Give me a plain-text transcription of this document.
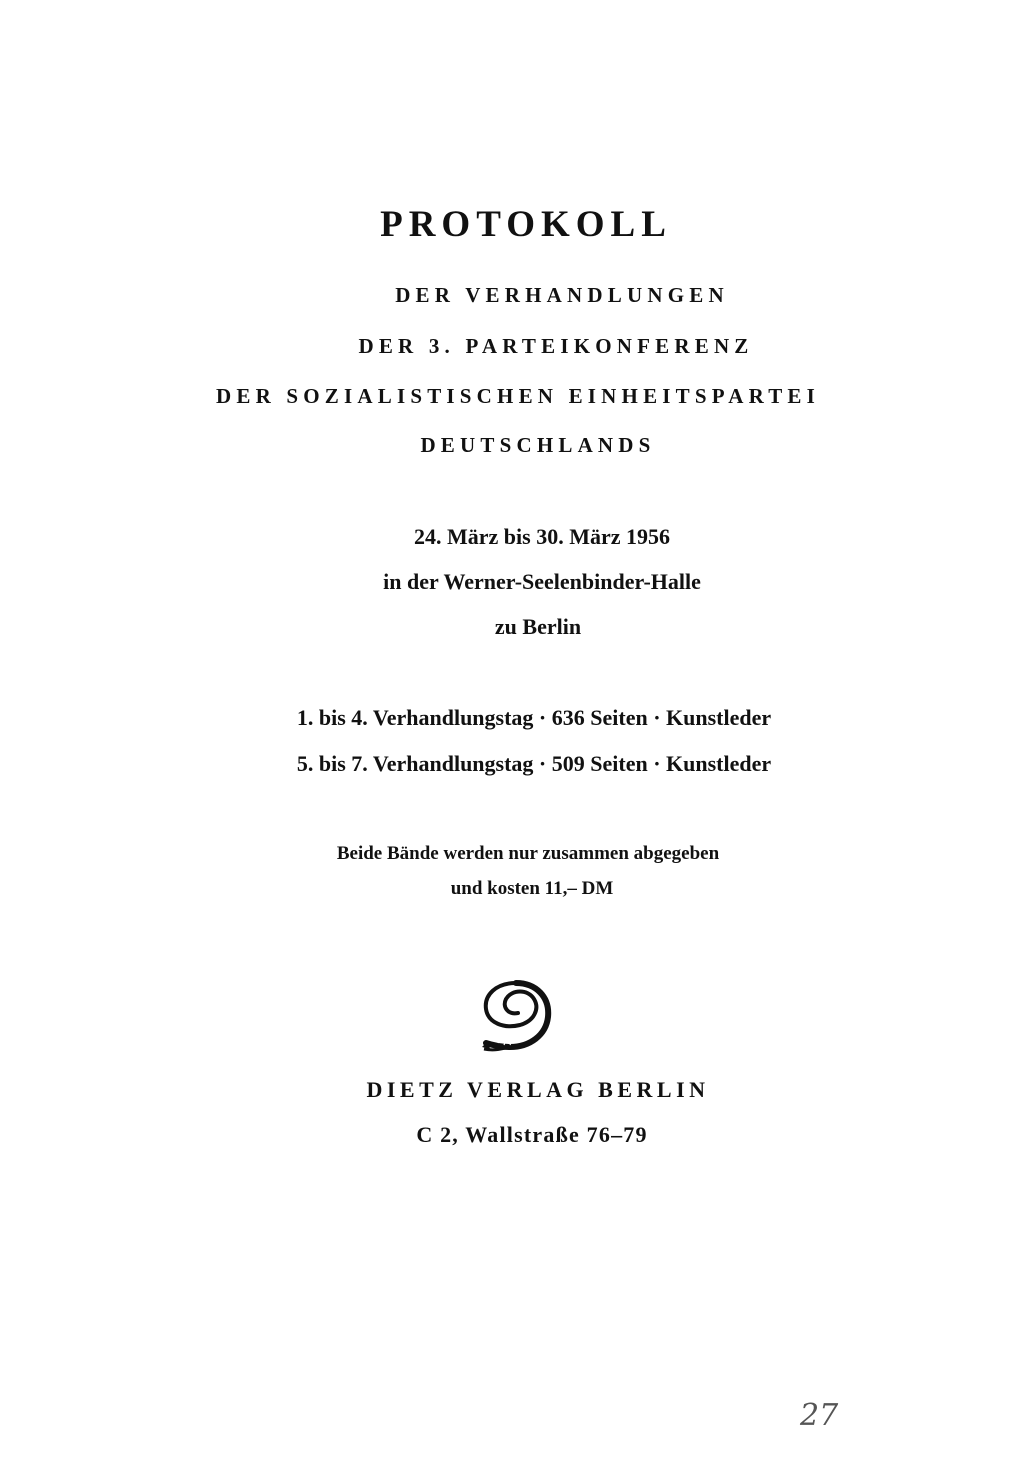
PROTOKOLL
DER VERHANDLUNGEN
DER 3. PARTEIKONFERENZ
DER SOZIALISTISCHEN EINHEITSPARTEI
DEUTSCHLANDS
24. März bis 30. März 1956
in der Werner-Seelenbinder-Halle
zu Berlin
1. bis 4. Verhandlungstag · 636 Seiten · Kunstleder
5. bis 7. Verhandlungstag · 509 Seiten · Kunstleder
Beide Bände werden nur zusammen abgegeben
und kosten 11,– DM
DIETZ VERLAG BERLIN
C 2, Wallstraße 76–79
27
